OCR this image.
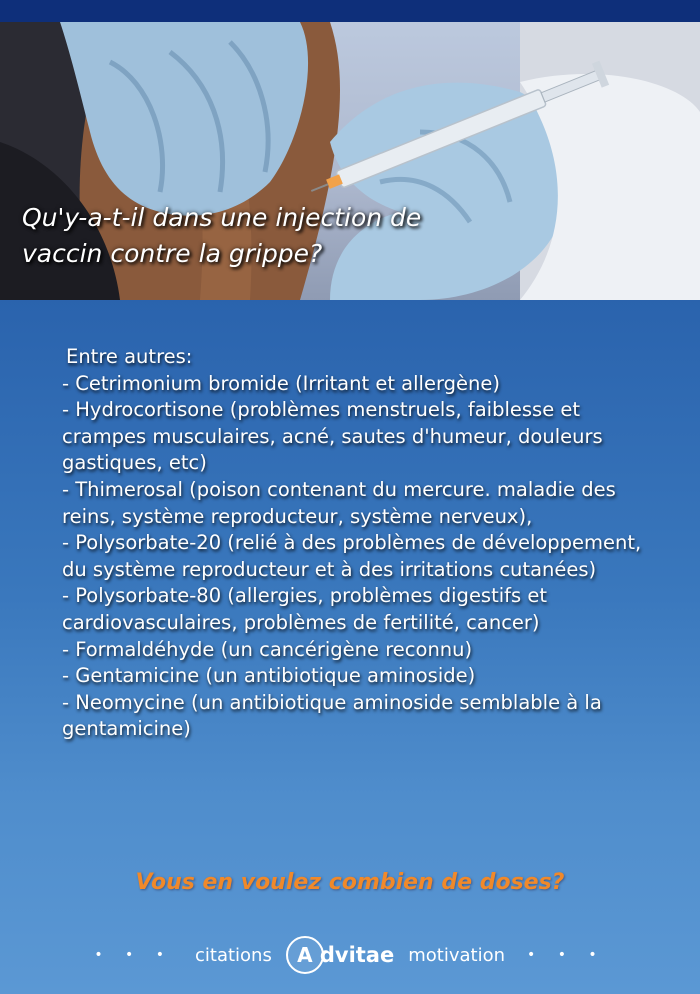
Qu'y-a-t-il dans une injection de
vaccin contre la grippe?
Entre autres:
- Cetrimonium bromide (Irritant et allergène)
- Hydrocortisone (problèmes menstruels, faiblesse et crampes musculaires, acné, sautes d'humeur, douleurs gastiques, etc)
- Thimerosal (poison contenant du mercure. maladie des reins, système reproducteur, système nerveux),
- Polysorbate-20 (relié à des problèmes de développement, du système reproducteur et à des irritations cutanées)
- Polysorbate-80 (allergies, problèmes digestifs et cardiovasculaires, problèmes de fertilité, cancer)
- Formaldéhyde (un cancérigène reconnu)
- Gentamicine (un antibiotique aminoside)
- Neomycine (un antibiotique aminoside semblable à la gentamicine)
Vous en voulez combien de doses?
• • • citations	A dvitae motivation • • •
